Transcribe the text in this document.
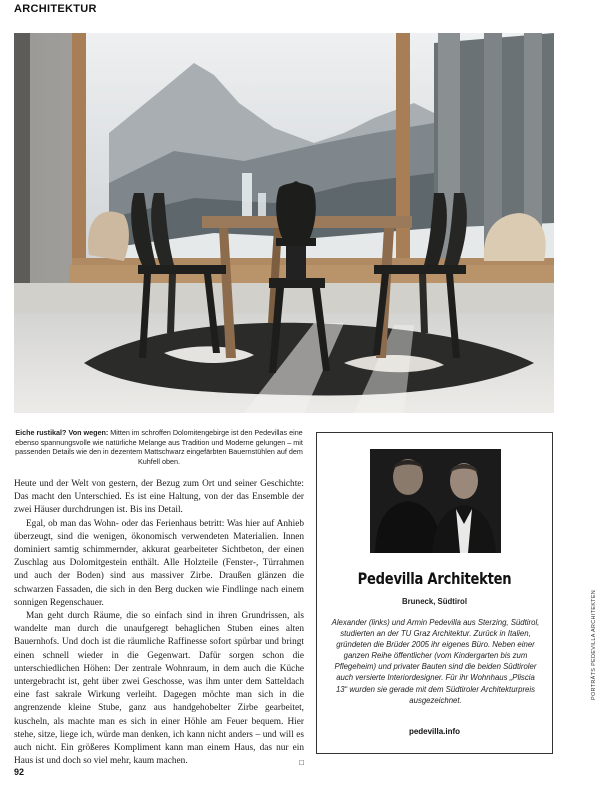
ARCHITEKTUR
Eiche rustikal? Von wegen: Mitten im schroffen Dolomitengebirge ist den Pedevillas eine ebenso spannungsvolle wie natürliche Melange aus Tradition und Moderne gelungen – mit passenden Details wie den in dezentem Mattschwarz eingefärbten Bauernstühlen auf dem Kuhfell oben.

Heute und der Welt von gestern, der Bezug zum Ort und seiner Geschichte: Das macht den Unterschied. Es ist eine Haltung, von der das Ensemble der zwei Häuser durchdrungen ist. Bis ins Detail.

Egal, ob man das Wohn- oder das Ferienhaus betritt: Was hier auf Anhieb überzeugt, sind die wenigen, ökonomisch verwendeten Materialien. Innen dominiert samtig schimmernder, akkurat gearbeiteter Sichtbeton, der einen Zuschlag aus Dolomitgestein enthält. Alle Holzteile (Fenster-, Türrahmen und auch der Boden) sind aus massiver Zirbe. Draußen glänzen die schwarzen Fassaden, die sich in den Berg ducken wie Findlinge nach einem sonnigen Regenschauer.

Man geht durch Räume, die so einfach sind in ihren Grundrissen, als wandelte man durch die unaufgeregt behaglichen Stuben eines alten Bauernhofs. Und doch ist die räumliche Raffinesse sofort spürbar und bringt einen schnell wieder in die Gegenwart. Dafür sorgen schon die unterschiedlichen Höhen: Der zentrale Wohnraum, in dem auch die Küche untergebracht ist, geht über zwei Geschosse, was ihm unter dem Satteldach eine fast sakrale Wirkung verleiht. Dagegen möchte man sich in die angrenzende kleine Stube, ganz aus handgehobelter Zirbe gearbeitet, kuscheln, als machte man es sich in einer Höhle am Feuer bequem. Hier stehe, sitze, liege ich, würde man denken, ich kann nicht anders – und will es auch nicht. Ein größeres Kompliment kann man einem Haus, das nur ein Haus ist und doch so viel mehr, kaum machen.	□

Pedevilla Architekten
Bruneck, Südtirol
Alexander (links) und Armin Pedevilla aus Sterzing, Südtirol, studierten an der TU Graz Architektur. Zurück in Italien, gründeten die Brüder 2005 ihr eigenes Büro. Neben einer ganzen Reihe öffentlicher (vom Kindergarten bis zum Pflegeheim) und privater Bauten sind die beiden Südtiroler auch versierte Interiordesigner. Für ihr Wohnhaus „Pliscia 13“ wurden sie gerade mit dem Südtiroler Architekturpreis ausgezeichnet.
pedevilla.info
92
PORTRÄTS PEDEVILLA ARCHITEKTEN
